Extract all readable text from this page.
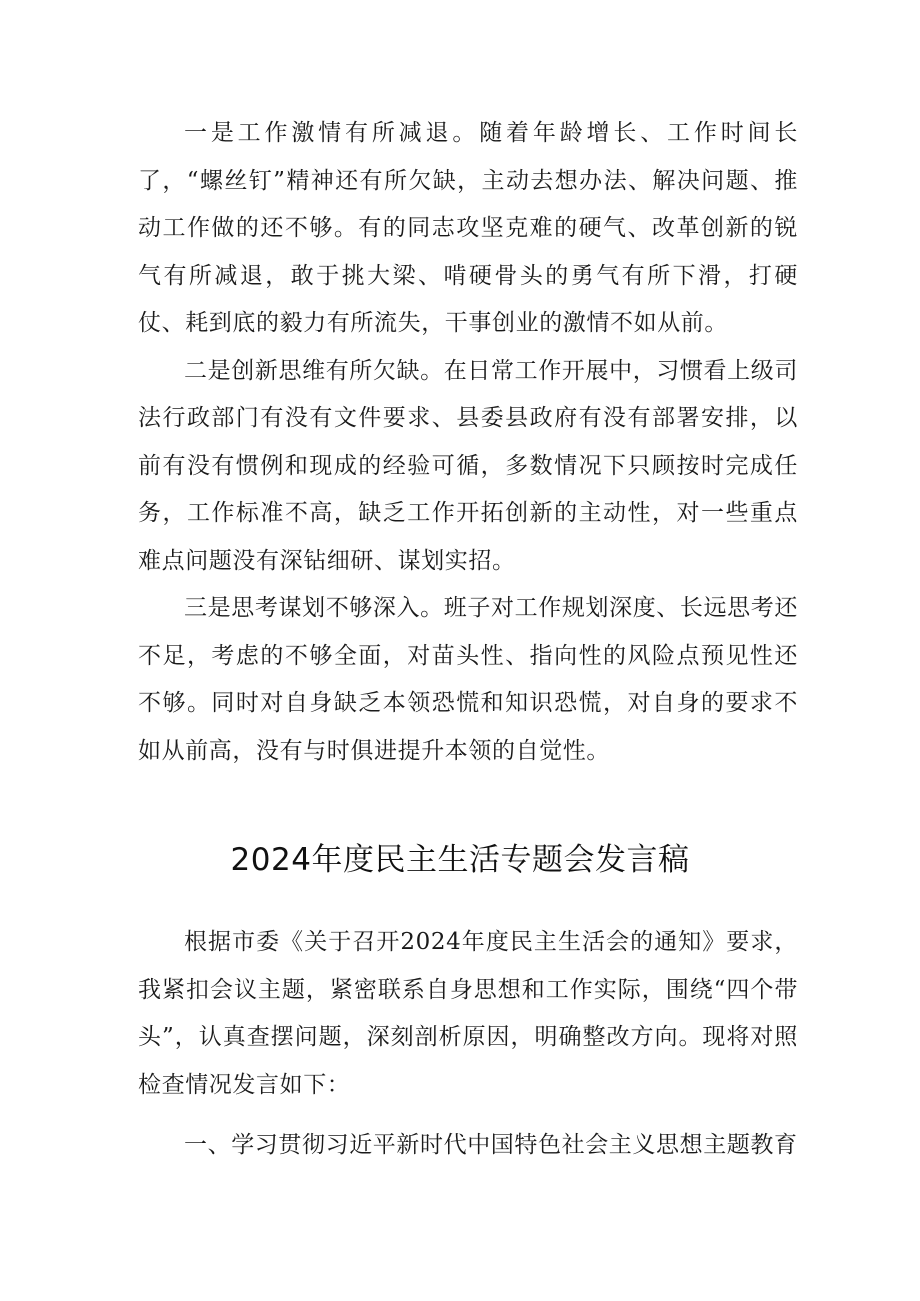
一是工作激情有所减退。随着年龄增长、工作时间长了，“螺丝钉”精神还有所欠缺，主动去想办法、解决问题、推动工作做的还不够。有的同志攻坚克难的硬气、改革创新的锐气有所减退，敢于挑大梁、啃硬骨头的勇气有所下滑，打硬仗、耗到底的毅力有所流失，干事创业的激情不如从前。

二是创新思维有所欠缺。在日常工作开展中，习惯看上级司法行政部门有没有文件要求、县委县政府有没有部署安排，以前有没有惯例和现成的经验可循，多数情况下只顾按时完成任务，工作标准不高，缺乏工作开拓创新的主动性，对一些重点难点问题没有深钻细研、谋划实招。

三是思考谋划不够深入。班子对工作规划深度、长远思考还不足，考虑的不够全面，对苗头性、指向性的风险点预见性还不够。同时对自身缺乏本领恐慌和知识恐慌，对自身的要求不如从前高，没有与时俱进提升本领的自觉性。

2024年度民主生活专题会发言稿

根据市委《关于召开2024年度民主生活会的通知》要求，我紧扣会议主题，紧密联系自身思想和工作实际，围绕“四个带头”，认真查摆问题，深刻剖析原因，明确整改方向。现将对照检查情况发言如下：

一、学习贯彻习近平新时代中国特色社会主义思想主题教育
